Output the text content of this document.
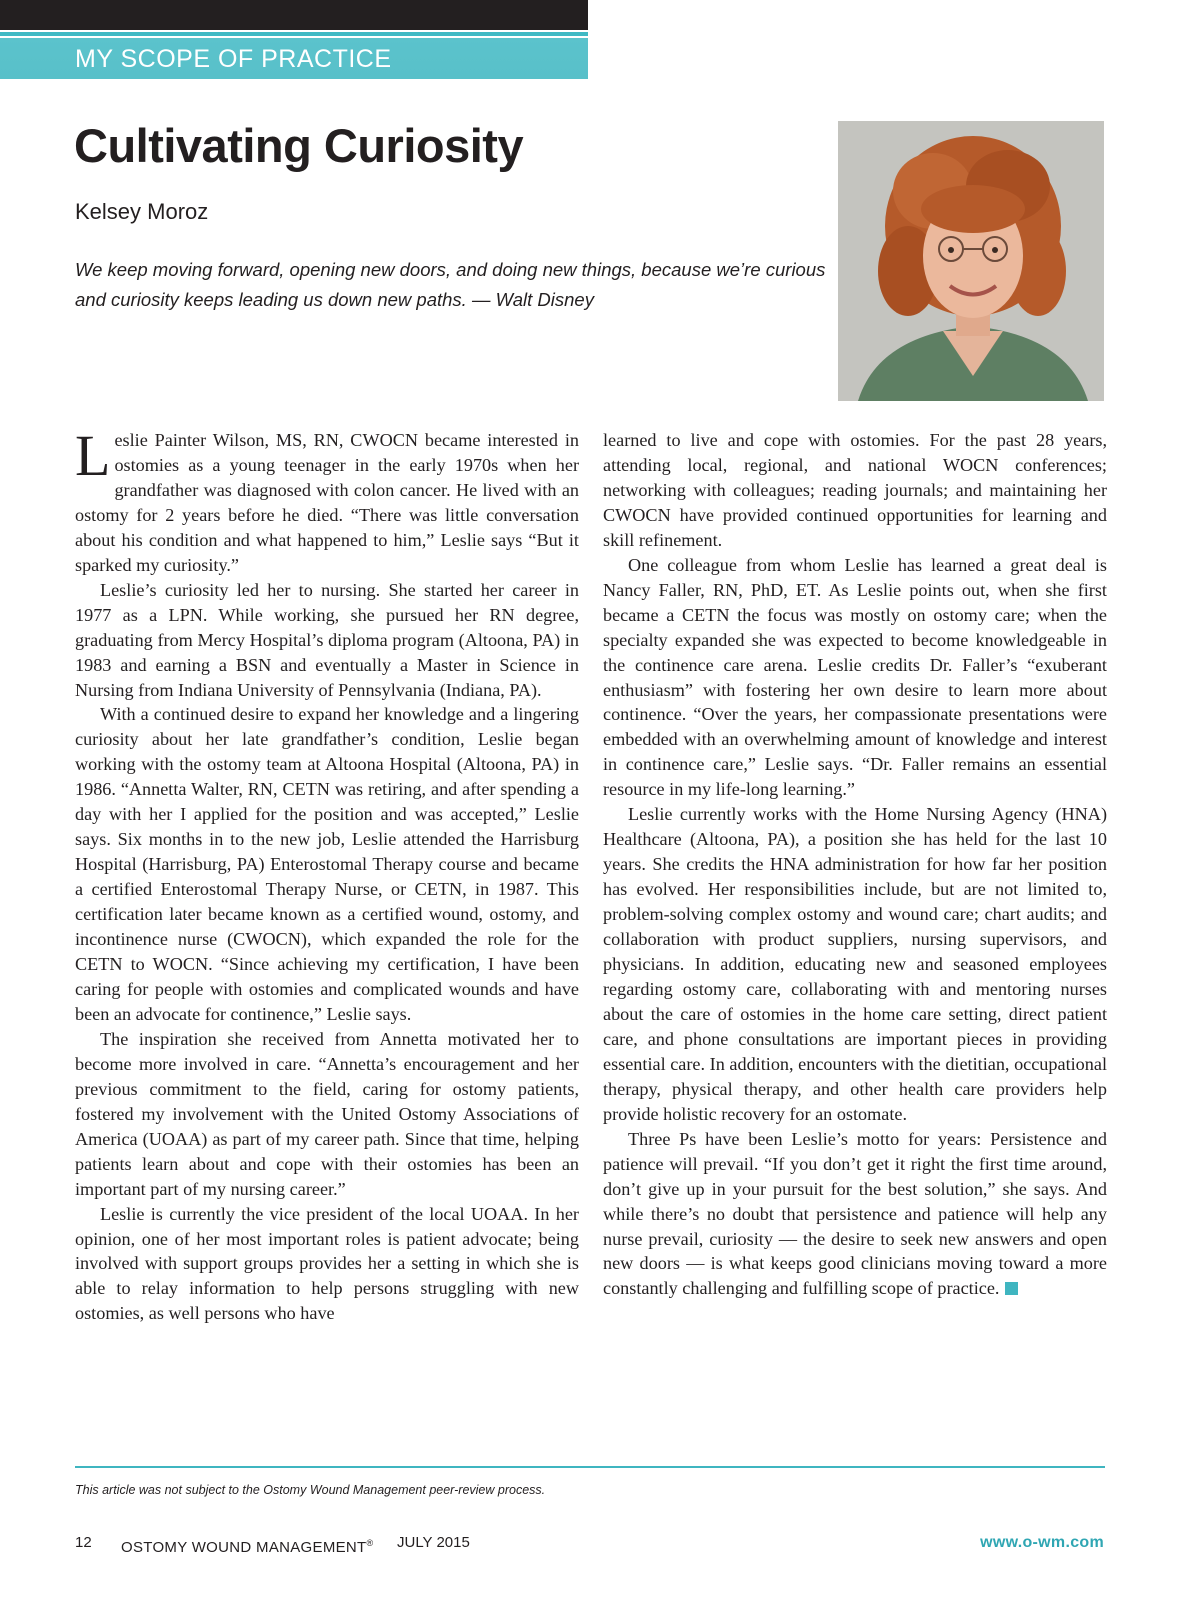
MY SCOPE OF PRACTICE
Cultivating Curiosity
Kelsey Moroz

We keep moving forward, opening new doors, and doing new things, because we’re curious and curiosity keeps leading us down new paths. — Walt Disney

Leslie Painter Wilson, MS, RN, CWOCN became interested in ostomies as a young teenager in the early 1970s when her grandfather was diagnosed with colon cancer. He lived with an ostomy for 2 years before he died. “There was little conversation about his condition and what happened to him,” Leslie says “But it sparked my curiosity.”

Leslie’s curiosity led her to nursing. She started her career in 1977 as a LPN. While working, she pursued her RN degree, graduating from Mercy Hospital’s diploma program (Altoona, PA) in 1983 and earning a BSN and eventually a Master in Science in Nursing from Indiana University of Pennsylvania (Indiana, PA).

With a continued desire to expand her knowledge and a lingering curiosity about her late grandfather’s condition, Leslie began working with the ostomy team at Altoona Hospital (Altoona, PA) in 1986. “Annetta Walter, RN, CETN was retiring, and after spending a day with her I applied for the position and was accepted,” Leslie says. Six months in to the new job, Leslie attended the Harrisburg Hospital (Harrisburg, PA) Enterostomal Therapy course and became a certified Enterostomal Therapy Nurse, or CETN, in 1987. This certification later became known as a certified wound, ostomy, and incontinence nurse (CWOCN), which expanded the role for the CETN to WOCN. “Since achieving my certification, I have been caring for people with ostomies and complicated wounds and have been an advocate for continence,” Leslie says.

The inspiration she received from Annetta motivated her to become more involved in care. “Annetta’s encouragement and her previous commitment to the field, caring for ostomy patients, fostered my involvement with the United Ostomy Associations of America (UOAA) as part of my career path. Since that time, helping patients learn about and cope with their ostomies has been an important part of my nursing career.”

Leslie is currently the vice president of the local UOAA. In her opinion, one of her most important roles is patient advocate; being involved with support groups provides her a setting in which she is able to relay information to help persons struggling with new ostomies, as well persons who have

learned to live and cope with ostomies. For the past 28 years, attending local, regional, and national WOCN conferences; networking with colleagues; reading journals; and maintaining her CWOCN have provided continued opportunities for learning and skill refinement.

One colleague from whom Leslie has learned a great deal is Nancy Faller, RN, PhD, ET. As Leslie points out, when she first became a CETN the focus was mostly on ostomy care; when the specialty expanded she was expected to become knowledgeable in the continence care arena. Leslie credits Dr. Faller’s “exuberant enthusiasm” with fostering her own desire to learn more about continence. “Over the years, her compassionate presentations were embedded with an overwhelming amount of knowledge and interest in continence care,” Leslie says. “Dr. Faller remains an essential resource in my life-long learning.”

Leslie currently works with the Home Nursing Agency (HNA) Healthcare (Altoona, PA), a position she has held for the last 10 years. She credits the HNA administration for how far her position has evolved. Her responsibilities include, but are not limited to, problem-solving complex ostomy and wound care; chart audits; and collaboration with product suppliers, nursing supervisors, and physicians. In addition, educating new and seasoned employees regarding ostomy care, collaborating with and mentoring nurses about the care of ostomies in the home care setting, direct patient care, and phone consultations are important pieces in providing essential care. In addition, encounters with the dietitian, occupational therapy, physical therapy, and other health care providers help provide holistic recovery for an ostomate.

Three Ps have been Leslie’s motto for years: Persistence and patience will prevail. “If you don’t get it right the first time around, don’t give up in your pursuit for the best solution,” she says. And while there’s no doubt that persistence and patience will help any nurse prevail, curiosity — the desire to seek new answers and open new doors — is what keeps good clinicians moving toward a more constantly challenging and fulfilling scope of practice.

This article was not subject to the Ostomy Wound Management peer-review process.
12 OSTOMY WOUND MANAGEMENT® JULY 2015	www.o-wm.com
